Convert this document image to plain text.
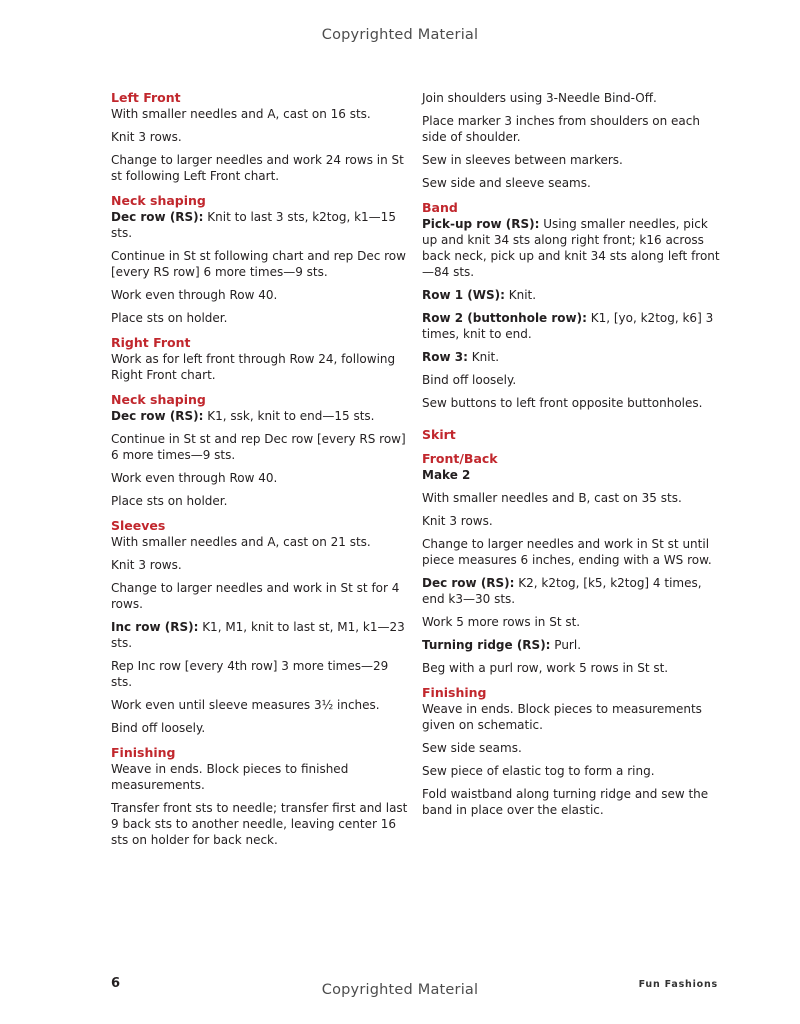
Copyrighted Material
Left Front
With smaller needles and A, cast on 16 sts.
Knit 3 rows.
Change to larger needles and work 24 rows in St st following Left Front chart.
Neck shaping
Dec row (RS): Knit to last 3 sts, k2tog, k1—15 sts.
Continue in St st following chart and rep Dec row [every RS row] 6 more times—9 sts.
Work even through Row 40.
Place sts on holder.
Right Front
Work as for left front through Row 24, following Right Front chart.
Neck shaping
Dec row (RS): K1, ssk, knit to end—15 sts.
Continue in St st and rep Dec row [every RS row] 6 more times—9 sts.
Work even through Row 40.
Place sts on holder.
Sleeves
With smaller needles and A, cast on 21 sts.
Knit 3 rows.
Change to larger needles and work in St st for 4 rows.
Inc row (RS): K1, M1, knit to last st, M1, k1—23 sts.
Rep Inc row [every 4th row] 3 more times—29 sts.
Work even until sleeve measures 3½ inches.
Bind off loosely.
Finishing
Weave in ends. Block pieces to finished measurements.
Transfer front sts to needle; transfer first and last 9 back sts to another needle, leaving center 16 sts on holder for back neck.
Join shoulders using 3-Needle Bind-Off.
Place marker 3 inches from shoulders on each side of shoulder.
Sew in sleeves between markers.
Sew side and sleeve seams.
Band
Pick-up row (RS): Using smaller needles, pick up and knit 34 sts along right front; k16 across back neck, pick up and knit 34 sts along left front—84 sts.
Row 1 (WS): Knit.
Row 2 (buttonhole row): K1, [yo, k2tog, k6] 3 times, knit to end.
Row 3: Knit.
Bind off loosely.
Sew buttons to left front opposite buttonholes.
Skirt
Front/Back
Make 2
With smaller needles and B, cast on 35 sts.
Knit 3 rows.
Change to larger needles and work in St st until piece measures 6 inches, ending with a WS row.
Dec row (RS): K2, k2tog, [k5, k2tog] 4 times, end k3—30 sts.
Work 5 more rows in St st.
Turning ridge (RS): Purl.
Beg with a purl row, work 5 rows in St st.
Finishing
Weave in ends. Block pieces to measurements given on schematic.
Sew side seams.
Sew piece of elastic tog to form a ring.
Fold waistband along turning ridge and sew the band in place over the elastic.
6	Copyrighted Material	Fun Fashions
